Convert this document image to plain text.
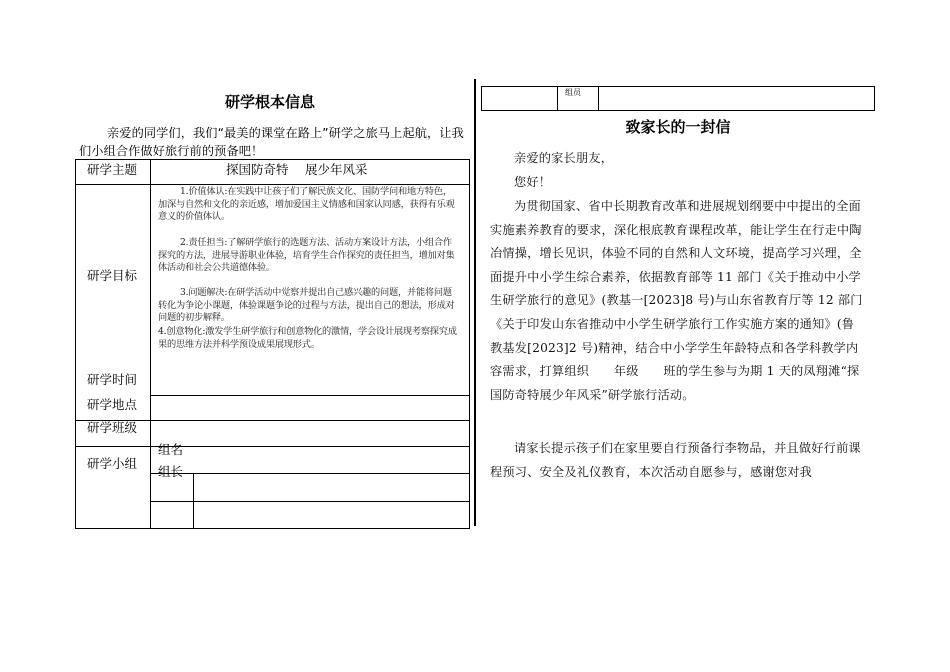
研学根本信息
亲爱的同学们，我们“最美的课堂在路上”研学之旅马上起航，让我们小组合作做好旅行前的预备吧！
研学主题	探国防奇特　 展少年风采
研学目标
研学时间
研学地点
研学班级
研学小组
组名
组长
1.价值体认:在实践中让孩子们了解民族文化、国防学问和地方特色，加深与自然和文化的亲近感，增加爱国主义情感和国家认同感，获得有乐观意义的价值体认。
2.责任担当:了解研学旅行的选题方法、活动方案设计方法，小组合作探究的方法，进展导游职业体验，培育学生合作探究的责任担当，增加对集体活动和社会公共道德体验。
3.问题解决:在研学活动中觉察并提出自己感兴趣的问题，并能将问题转化为争论小课题，体验课题争论的过程与方法，提出自己的想法，形成对问题的初步解释。
4.创意物化:激发学生研学旅行和创意物化的激情，学会设计展现考察探究成果的思维方法并科学预设成果展现形式。
组员
致家长的一封信
亲爱的家长朋友，
您好！
为贯彻国家、省中长期教育改革和进展规划纲要中中提出的全面实施素养教育的要求，深化根底教育课程改革，能让学生在行走中陶冶情操，增长见识，体验不同的自然和人文环境，提高学习兴理，全面提升中小学生综合素养，依据教育部等 11 部门《关于推动中小学生研学旅行的意见》(教基一[2023]8 号)与山东省教育厅等 12 部门《关于印发山东省推动中小学生研学旅行工作实施方案的通知》(鲁教基发[2023]2 号)精神，结合中小学学生年龄特点和各学科教学内容需求，打算组织　　年级　　班的学生参与为期 1 天的凤翔滩“探国防奇特展少年风采”研学旅行活动。
请家长提示孩子们在家里要自行预备行李物品，并且做好行前课程预习、安全及礼仪教育，本次活动自愿参与，感谢您对我
